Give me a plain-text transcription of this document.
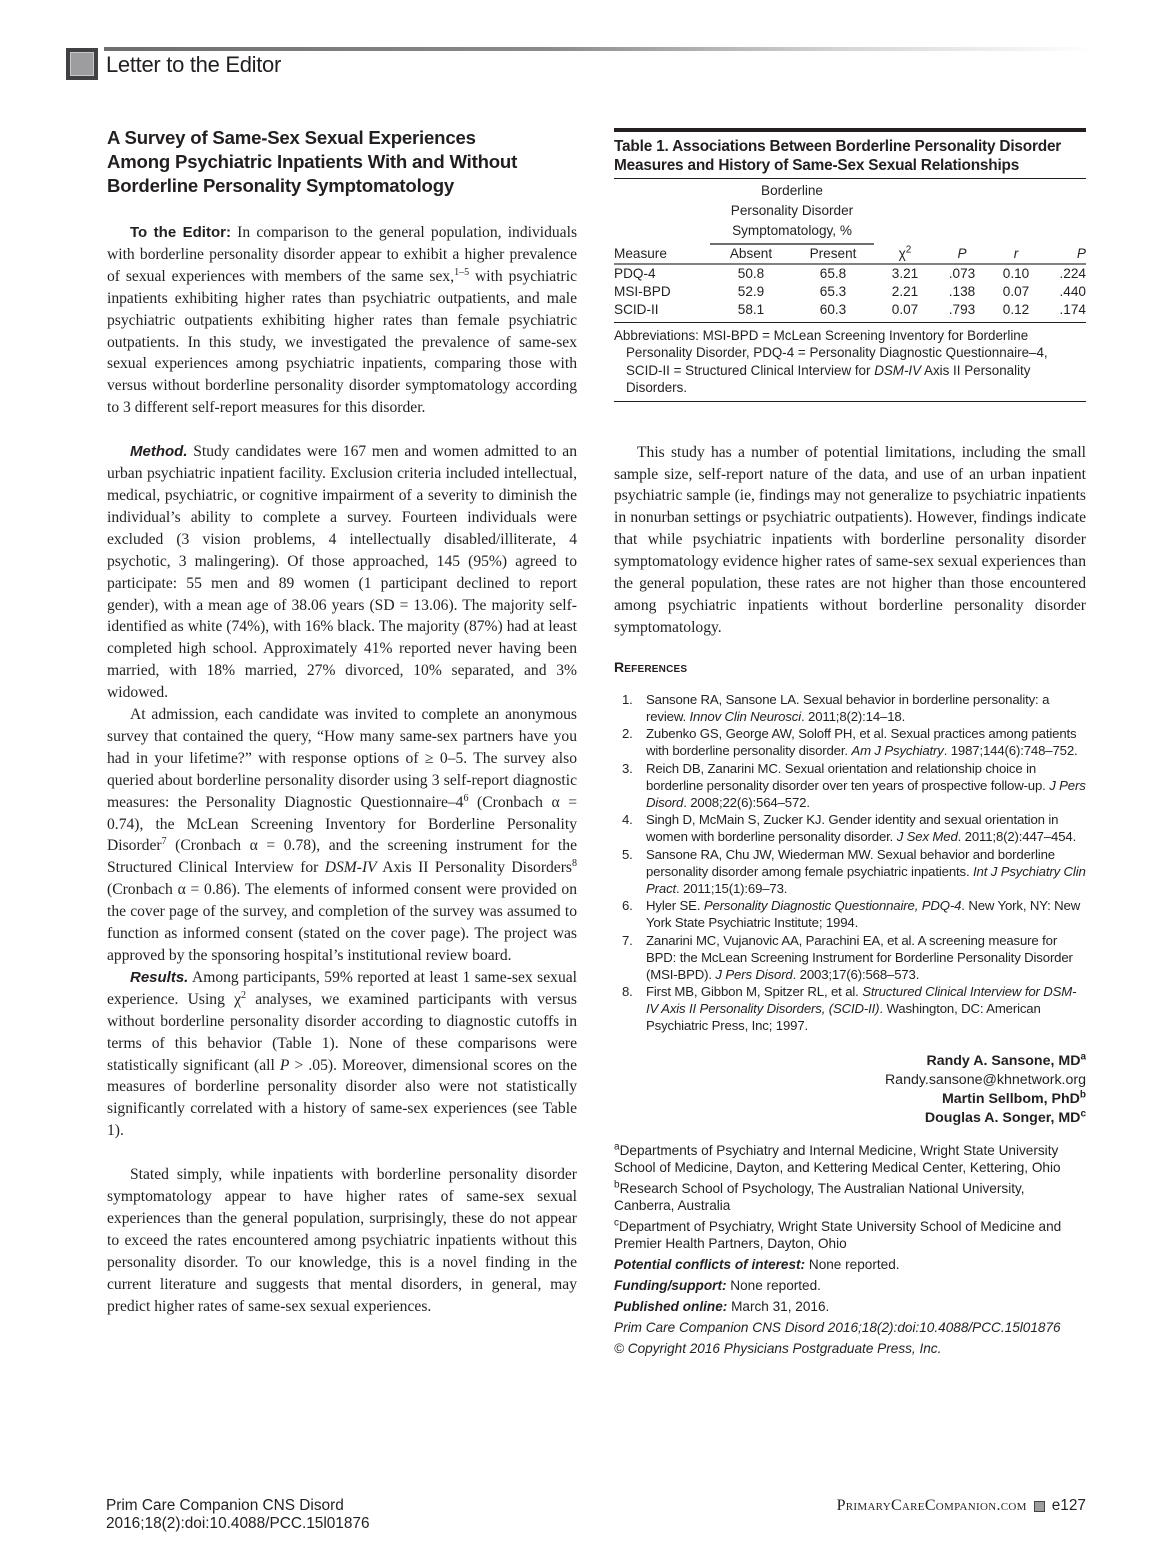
Letter to the Editor
A Survey of Same-Sex Sexual Experiences
Among Psychiatric Inpatients With and Without
Borderline Personality Symptomatology

To the Editor: In comparison to the general population, individuals with borderline personality disorder appear to exhibit a higher prevalence of sexual experiences with members of the same sex,$^{1-5}$ with psychiatric inpatients exhibiting higher rates than psychiatric outpatients, and male psychiatric outpatients exhibiting higher rates than female psychiatric outpatients. In this study, we investigated the prevalence of same-sex sexual experiences among psychiatric inpatients, comparing those with versus without borderline personality disorder symptomatology according to 3 different self-report measures for this disorder.

Method. Study candidates were 167 men and women admitted to an urban psychiatric inpatient facility. Exclusion criteria included intellectual, medical, psychiatric, or cognitive impairment of a severity to diminish the individual’s ability to complete a survey. Fourteen individuals were excluded (3 vision problems, 4 intellectually disabled/illiterate, 4 psychotic, 3 malingering). Of those approached, 145 (95%) agreed to participate: 55 men and 89 women (1 participant declined to report gender), with a mean age of 38.06 years (SD = 13.06). The majority self-identified as white (74%), with 16% black. The majority (87%) had at least completed high school. Approximately 41% reported never having been married, with 18% married, 27% divorced, 10% separated, and 3% widowed.

At admission, each candidate was invited to complete an anonymous survey that contained the query, “How many same-sex partners have you had in your lifetime?” with response options of ≥ 0–5. The survey also queried about borderline personality disorder using 3 self-report diagnostic measures: the Personality Diagnostic Questionnaire–$4^6$ (Cronbach α = 0.74), the McLean Screening Inventory for Borderline Personality Disorder$^7$ (Cronbach α = 0.78), and the screening instrument for the Structured Clinical Interview for DSM-IV Axis II Personality Disorders$^8$ (Cronbach α = 0.86). The elements of informed consent were provided on the cover page of the survey, and completion of the survey was assumed to function as informed consent (stated on the cover page). The project was approved by the sponsoring hospital’s institutional review board.

Results. Among participants, 59% reported at least 1 same-sex sexual experience. Using $\chi^2$ analyses, we examined participants with versus without borderline personality disorder according to diagnostic cutoffs in terms of this behavior (Table 1). None of these comparisons were statistically significant (all P > .05). Moreover, dimensional scores on the measures of borderline personality disorder also were not statistically significantly correlated with a history of same-sex experiences (see Table 1).

Stated simply, while inpatients with borderline personality disorder symptomatology appear to have higher rates of same-sex sexual experiences than the general population, surprisingly, these do not appear to exceed the rates encountered among psychiatric inpatients without this personality disorder. To our knowledge, this is a novel finding in the current literature and suggests that mental disorders, in general, may predict higher rates of same-sex sexual experiences.

Table 1. Associations Between Borderline Personality Disorder Measures and History of Same-Sex Sexual Relationships

	Borderline
Personality Disorder
Symptomatology, %					

Measure	Absent	Present	$\chi^2$	P	r	P

PDQ-4	50.8	65.8	3.21	.073	0.10	.224
MSI-BPD	52.9	65.3	2.21	.138	0.07	.440
SCID-II	58.1	60.3	0.07	.793	0.12	.174

Abbreviations: MSI-BPD = McLean Screening Inventory for Borderline Personality Disorder, PDQ-4 = Personality Diagnostic Questionnaire–4, SCID-II = Structured Clinical Interview for DSM-IV Axis II Personality Disorders.

This study has a number of potential limitations, including the small sample size, self-report nature of the data, and use of an urban inpatient psychiatric sample (ie, findings may not generalize to psychiatric inpatients in nonurban settings or psychiatric outpatients). However, findings indicate that while psychiatric inpatients with borderline personality disorder symptomatology evidence higher rates of same-sex sexual experiences than the general population, these rates are not higher than those encountered among psychiatric inpatients without borderline personality disorder symptomatology.

References
1. Sansone RA, Sansone LA. Sexual behavior in borderline personality: a review. Innov Clin Neurosci. 2011;8(2):14–18.
2. Zubenko GS, George AW, Soloff PH, et al. Sexual practices among patients with borderline personality disorder. Am J Psychiatry. 1987;144(6):748–752.
3. Reich DB, Zanarini MC. Sexual orientation and relationship choice in borderline personality disorder over ten years of prospective follow-up. J Pers Disord. 2008;22(6):564–572.
4. Singh D, McMain S, Zucker KJ. Gender identity and sexual orientation in women with borderline personality disorder. J Sex Med. 2011;8(2):447–454.
5. Sansone RA, Chu JW, Wiederman MW. Sexual behavior and borderline personality disorder among female psychiatric inpatients. Int J Psychiatry Clin Pract. 2011;15(1):69–73.
6. Hyler SE. Personality Diagnostic Questionnaire, PDQ-4. New York, NY: New York State Psychiatric Institute; 1994.
7. Zanarini MC, Vujanovic AA, Parachini EA, et al. A screening measure for BPD: the McLean Screening Instrument for Borderline Personality Disorder (MSI-BPD). J Pers Disord. 2003;17(6):568–573.
8. First MB, Gibbon M, Spitzer RL, et al. Structured Clinical Interview for DSM-IV Axis II Personality Disorders, (SCID-II). Washington, DC: American Psychiatric Press, Inc; 1997.
Randy A. Sansone, $MD^a$
Randy.sansone@khnetwork.org
Martin Sellbom, PhD$^b$
Douglas A. Songer, $MD^c$

$^a$Departments of Psychiatry and Internal Medicine, Wright State University School of Medicine, Dayton, and Kettering Medical Center, Kettering, Ohio

$^b$Research School of Psychology, The Australian National University, Canberra, Australia

$^c$Department of Psychiatry, Wright State University School of Medicine and Premier Health Partners, Dayton, Ohio

Potential conflicts of interest: None reported.

Funding/support: None reported.

Published online: March 31, 2016.

Prim Care Companion CNS Disord 2016;18(2):doi:10.4088/PCC.15l01876

© Copyright 2016 Physicians Postgraduate Press, Inc.

Prim Care Companion CNS Disord
2016;18(2):doi:10.4088/PCC.15l01876
PrimaryCareCompanion.com e127
